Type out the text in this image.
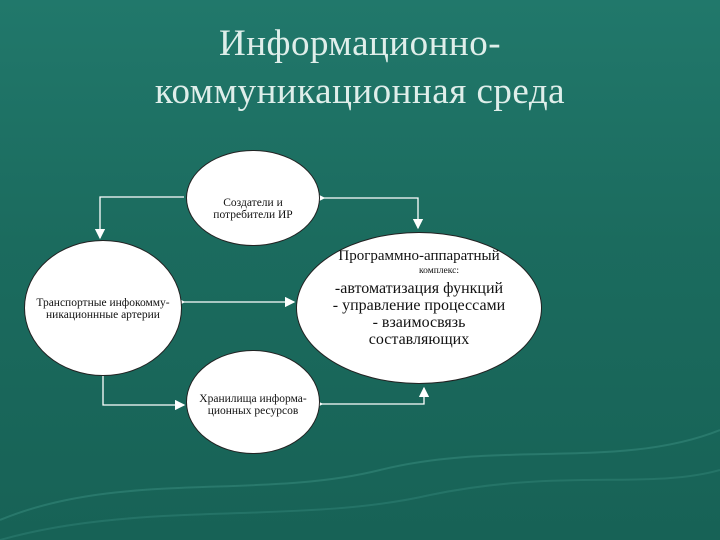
Информационно-
коммуникационная среда
Создатели и
потребители ИР
Транспортные инфокомму-
никационнные артерии
Хранилища информа-
ционных ресурсов
Программно-аппаратный
комплекс:
-автоматизация функций
- управление процессами
- взаимосвязь
составляющих
